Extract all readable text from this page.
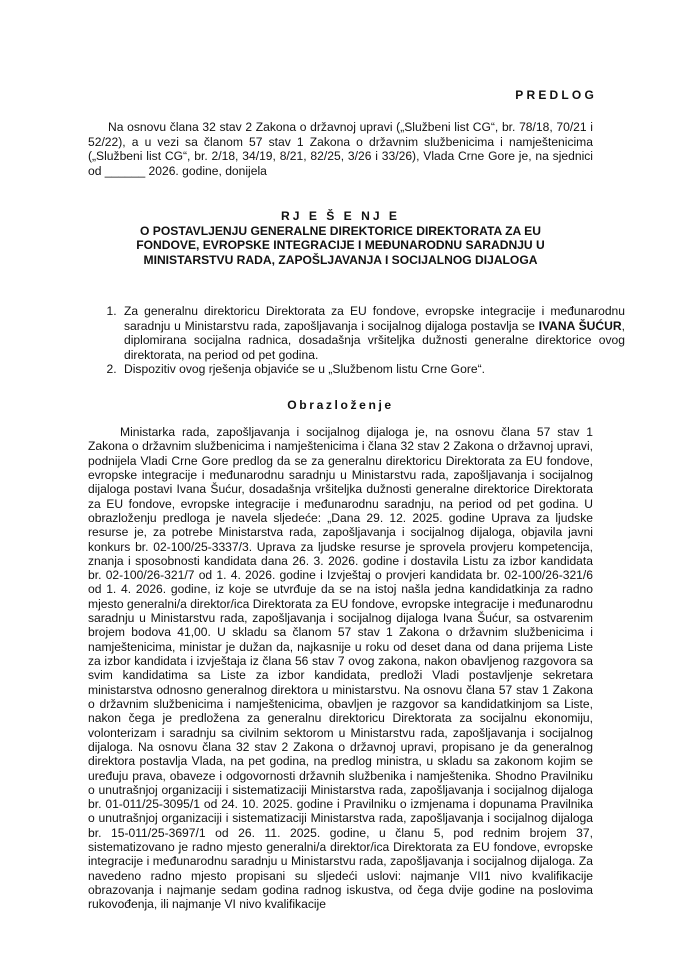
PREDLOG

Na osnovu člana 32 stav 2 Zakona o državnoj upravi („Službeni list CG“, br. 78/18, 70/21 i 52/22), a u vezi sa članom 57 stav 1 Zakona o državnim službenicima i namještenicima („Službeni list CG“, br. 2/18, 34/19, 8/21, 82/25, 3/26 i 33/26), Vlada Crne Gore je, na sjednici od ______ 2026. godine, donijela

RJ E Š E NJ E
O POSTAVLJENJU GENERALNE DIREKTORICE DIREKTORATA ZA EU
FONDOVE, EVROPSKE INTEGRACIJE I MEĐUNARODNU SARADNJU U
MINISTARSTVU RADA, ZAPOŠLJAVANJA I SOCIJALNOG DIJALOGA
1. Za generalnu direktoricu Direktorata za EU fondove, evropske integracije i međunarodnu saradnju u Ministarstvu rada, zapošljavanja i socijalnog dijaloga postavlja se IVANA ŠUĆUR, diplomirana socijalna radnica, dosadašnja vršiteljka dužnosti generalne direktorice ovog direktorata, na period od pet godina.
2. Dispozitiv ovog rješenja objaviće se u „Službenom listu Crne Gore“.
Obrazloženje

Ministarka rada, zapošljavanja i socijalnog dijaloga je, na osnovu člana 57 stav 1 Zakona o državnim službenicima i namještenicima i člana 32 stav 2 Zakona o državnoj upravi, podnijela Vladi Crne Gore predlog da se za generalnu direktoricu Direktorata za EU fondove, evropske integracije i međunarodnu saradnju u Ministarstvu rada, zapošljavanja i socijalnog dijaloga postavi Ivana Šućur, dosadašnja vršiteljka dužnosti generalne direktorice Direktorata za EU fondove, evropske integracije i međunarodnu saradnju, na period od pet godina. U obrazloženju predloga je navela sljedeće: „Dana 29. 12. 2025. godine Uprava za ljudske resurse je, za potrebe Ministarstva rada, zapošljavanja i socijalnog dijaloga, objavila javni konkurs br. 02-100/25-3337/3. Uprava za ljudske resurse je sprovela provjeru kompetencija, znanja i sposobnosti kandidata dana 26. 3. 2026. godine i dostavila Listu za izbor kandidata br. 02-100/26-321/7 od 1. 4. 2026. godine i Izvještaj o provjeri kandidata br. 02-100/26-321/6 od 1. 4. 2026. godine, iz koje se utvrđuje da se na istoj našla jedna kandidatkinja za radno mjesto generalni/a direktor/ica Direktorata za EU fondove, evropske integracije i međunarodnu saradnju u Ministarstvu rada, zapošljavanja i socijalnog dijaloga Ivana Šućur, sa ostvarenim brojem bodova 41,00. U skladu sa članom 57 stav 1 Zakona o državnim službenicima i namještenicima, ministar je dužan da, najkasnije u roku od deset dana od dana prijema Liste za izbor kandidata i izvještaja iz člana 56 stav 7 ovog zakona, nakon obavljenog razgovora sa svim kandidatima sa Liste za izbor kandidata, predloži Vladi postavljenje sekretara ministarstva odnosno generalnog direktora u ministarstvu. Na osnovu člana 57 stav 1 Zakona o državnim službenicima i namještenicima, obavljen je razgovor sa kandidatkinjom sa Liste, nakon čega je predložena za generalnu direktoricu Direktorata za socijalnu ekonomiju, volonterizam i saradnju sa civilnim sektorom u Ministarstvu rada, zapošljavanja i socijalnog dijaloga. Na osnovu člana 32 stav 2 Zakona o državnoj upravi, propisano je da generalnog direktora postavlja Vlada, na pet godina, na predlog ministra, u skladu sa zakonom kojim se uređuju prava, obaveze i odgovornosti državnih službenika i namještenika. Shodno Pravilniku o unutrašnjoj organizaciji i sistematizaciji Ministarstva rada, zapošljavanja i socijalnog dijaloga br. 01-011/25-3095/1 od 24. 10. 2025. godine i Pravilniku o izmjenama i dopunama Pravilnika o unutrašnjoj organizaciji i sistematizaciji Ministarstva rada, zapošljavanja i socijalnog dijaloga br. 15-011/25-3697/1 od 26. 11. 2025. godine, u članu 5, pod rednim brojem 37, sistematizovano je radno mjesto generalni/a direktor/ica Direktorata za EU fondove, evropske integracije i međunarodnu saradnju u Ministarstvu rada, zapošljavanja i socijalnog dijaloga. Za navedeno radno mjesto propisani su sljedeći uslovi: najmanje VII1 nivo kvalifikacije obrazovanja i najmanje sedam godina radnog iskustva, od čega dvije godine na poslovima rukovođenja, ili najmanje VI nivo kvalifikacije
